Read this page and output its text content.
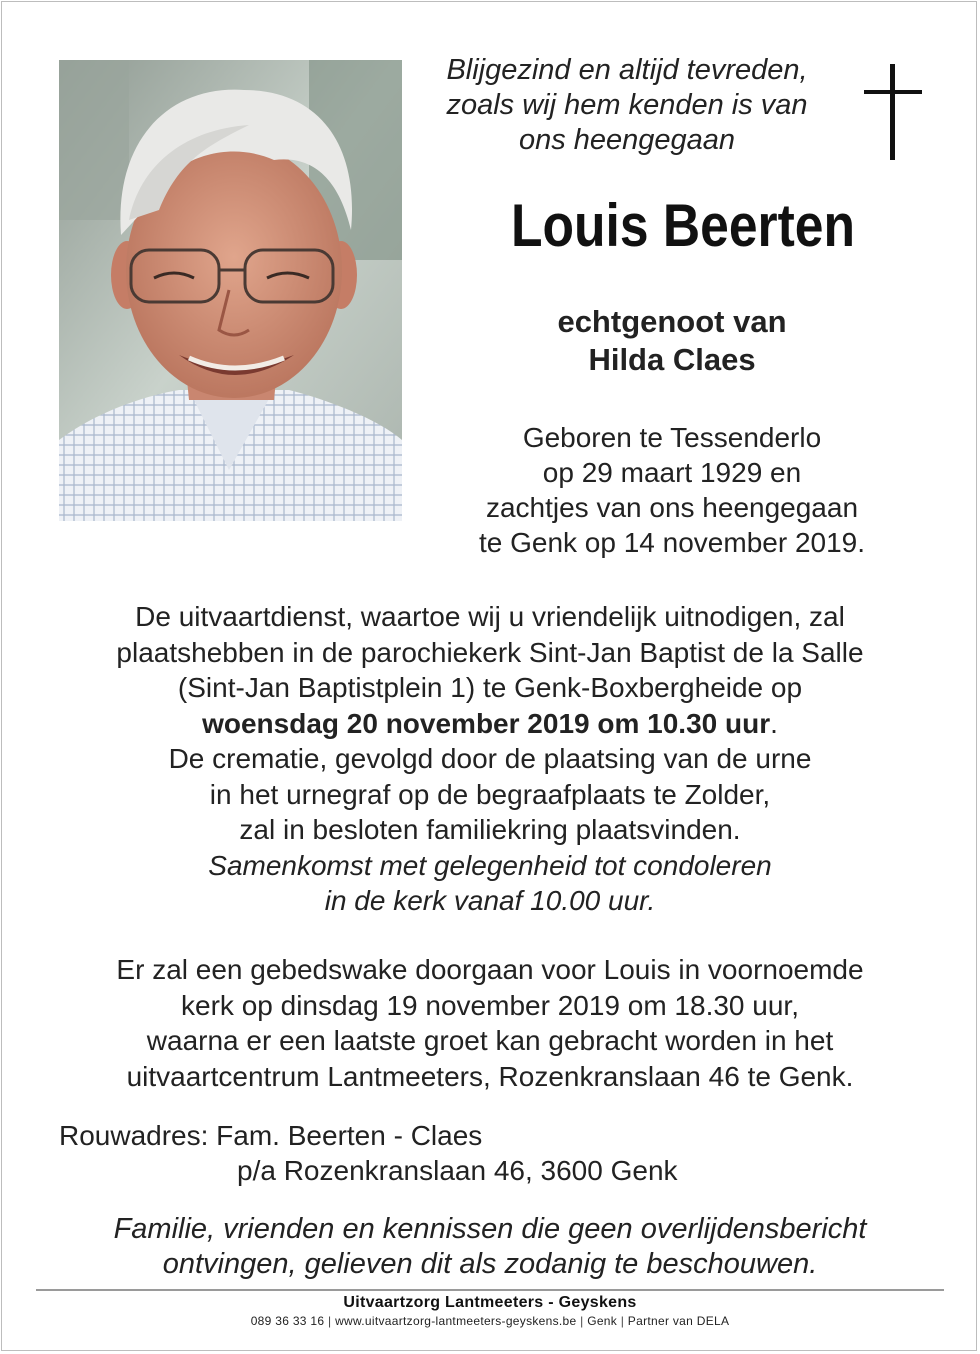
Blijgezind en altijd tevreden,
zoals wij hem kenden is van
ons heengegaan
Louis Beerten
echtgenoot van
Hilda Claes
Geboren te Tessenderlo
op 29 maart 1929 en
zachtjes van ons heengegaan
te Genk op 14 november 2019.
De uitvaartdienst, waartoe wij u vriendelijk uitnodigen, zal
plaatshebben in de parochiekerk Sint-Jan Baptist de la Salle
(Sint-Jan Baptistplein 1) te Genk-Boxbergheide op
woensdag 20 november 2019 om 10.30 uur.
De crematie, gevolgd door de plaatsing van de urne
in het urnegraf op de begraafplaats te Zolder,
zal in besloten familiekring plaatsvinden.
Samenkomst met gelegenheid tot condoleren
in de kerk vanaf 10.00 uur.
Er zal een gebedswake doorgaan voor Louis in voornoemde
kerk op dinsdag 19 november 2019 om 18.30 uur,
waarna er een laatste groet kan gebracht worden in het
uitvaartcentrum Lantmeeters, Rozenkranslaan 46 te Genk.
Rouwadres: Fam. Beerten - Claes
p/a Rozenkranslaan 46, 3600 Genk
Familie, vrienden en kennissen die geen overlijdensbericht
ontvingen, gelieven dit als zodanig te beschouwen.
Uitvaartzorg Lantmeeters - Geyskens
089 36 33 16 | www.uitvaartzorg-lantmeeters-geyskens.be | Genk | Partner van DELA
